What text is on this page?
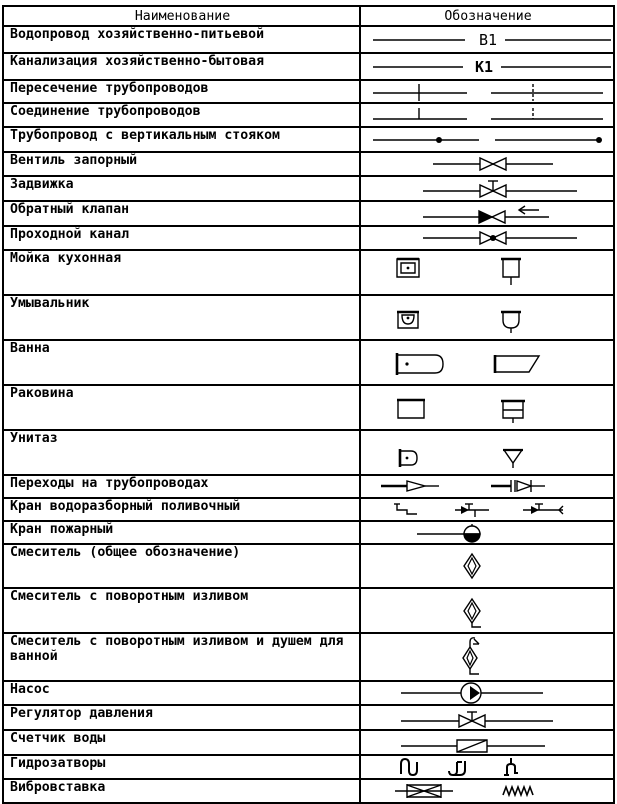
Наименование	Обозначение
Водопровод хозяйственно-питьевой	B1

Канализация хозяйственно-бытовая	K1

Пересечение трубопроводов	

Соединение трубопроводов	

Трубопровод с вертикальным стояком	

Вентиль запорный	

Задвижка	

Обратный клапан	

Проходной канал	

Мойка кухонная	

Умывальник	

Ванна	

Раковина	

Унитаз	

Переходы на трубопроводах	

Кран водоразборный поливочный	

Кран пожарный	

Смеситель (общее обозначение)	

Смеситель с поворотным изливом	

Смеситель с поворотным изливом и душем для ванной	

Насос	

Регулятор давления	

Счетчик воды	

Гидрозатворы	

Вибровставка	
